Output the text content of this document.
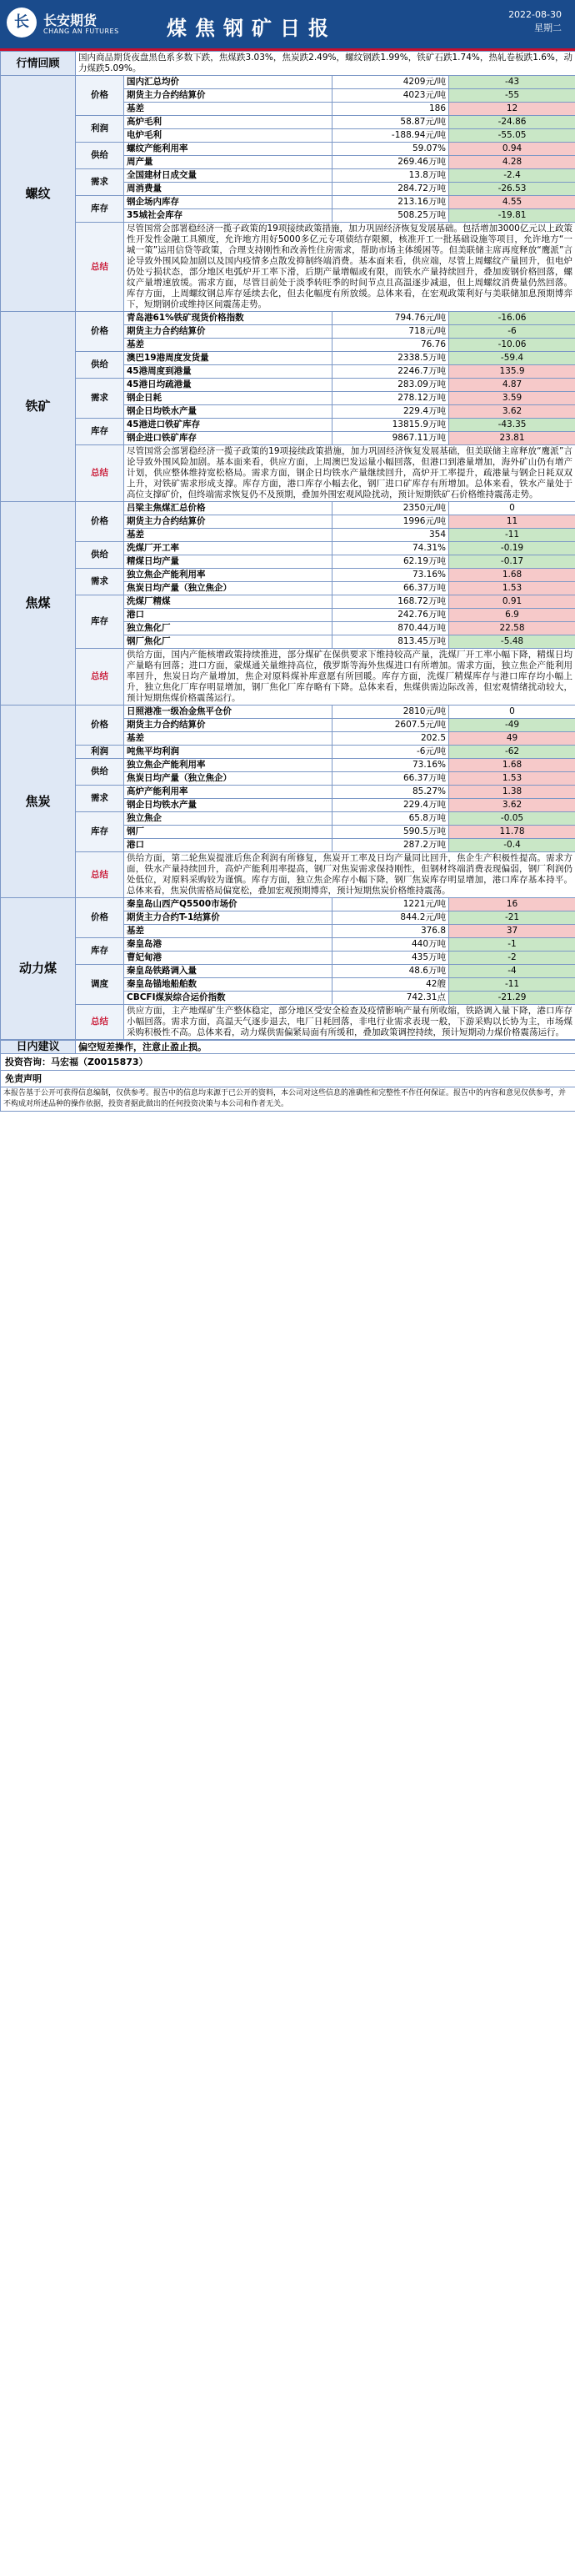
长	长安期货
CHANG AN FUTURES 煤焦钢矿日报
2022-08-30
星期二
行情回顾	国内商品期货夜盘黑色系多数下跌，焦煤跌3.03%，焦炭跌2.49%，螺纹钢跌1.99%，铁矿石跌1.74%，热轧卷板跌1.6%，动力煤跌5.09%。			
螺纹	价格	国内汇总均价	4209元/吨	-43
		期货主力合约结算价	4023元/吨	-55
		基差	186	12
	利润	高炉毛利	58.87元/吨	-24.86
		电炉毛利	-188.94元/吨	-55.05
	供给	螺纹产能利用率	59.07%	0.94
		周产量	269.46万吨	4.28
	需求	全国建材日成交量	13.8万吨	-2.4
		周消费量	284.72万吨	-26.53
	库存	钢企场内库存	213.16万吨	4.55
		35城社会库存	508.25万吨	-19.81
	总结	尽管国常会部署稳经济一揽子政策的19项接续政策措施，加力巩固经济恢复发展基础。包括增加3000亿元以上政策性开发性金融工具额度，允许地方用好5000多亿元专项债结存限额，核准开工一批基础设施等项目，允许地方“一城一策”运用信贷等政策，合理支持刚性和改善性住房需求，帮助市场主体缓困等。但美联储主席再度释放“鹰派”言论导致外围风险加剧以及国内疫情多点散发抑制终端消费。基本面来看，供应端，尽管上周螺纹产量回升，但电炉仍处亏损状态，部分地区电弧炉开工率下滑，后期产量增幅或有限，而铁水产量持续回升，叠加废钢价格回落，螺纹产量增速放缓。需求方面，尽管目前处于淡季转旺季的时间节点且高温逐步减退，但上周螺纹消费量仍然回落。库存方面，上周螺纹钢总库存延续去化，但去化幅度有所放缓。总体来看，在宏观政策利好与美联储加息预期博弈下，短期钢价或维持区间震荡走势。		
铁矿	价格	青岛港61%铁矿现货价格指数	794.76元/吨	-16.06
		期货主力合约结算价	718元/吨	-6
		基差	76.76	-10.06
	供给	澳巴19港周度发货量	2338.5万吨	-59.4
		45港周度到港量	2246.7万吨	135.9
	需求	45港日均疏港量	283.09万吨	4.87
		钢企日耗	278.12万吨	3.59
		钢企日均铁水产量	229.4万吨	3.62
	库存	45港进口铁矿库存	13815.9万吨	-43.35
		钢企进口铁矿库存	9867.11万吨	23.81
	总结	尽管国常会部署稳经济一揽子政策的19项接续政策措施，加力巩固经济恢复发展基础，但美联储主席释放“鹰派”言论导致外围风险加剧。基本面来看，供应方面，上周澳巴发运量小幅回落，但港口到港量增加，海外矿山仍有增产计划，供应整体维持宽松格局。需求方面，钢企日均铁水产量继续回升，高炉开工率提升，疏港量与钢企日耗双双上升，对铁矿需求形成支撑。库存方面，港口库存小幅去化，钢厂进口矿库存有所增加。总体来看，铁水产量处于高位支撑矿价，但终端需求恢复仍不及预期，叠加外围宏观风险扰动，预计短期铁矿石价格维持震荡走势。		
焦煤	价格	吕梁主焦煤汇总价格	2350元/吨	0
		期货主力合约结算价	1996元/吨	11
		基差	354	-11
	供给	洗煤厂开工率	74.31%	-0.19
		精煤日均产量	62.19万吨	-0.17
	需求	独立焦企产能利用率	73.16%	1.68
		焦炭日均产量（独立焦企）	66.37万吨	1.53
	库存	洗煤厂精煤	168.72万吨	0.91
		港口	242.76万吨	6.9
		独立焦化厂	870.44万吨	22.58
		钢厂焦化厂	813.45万吨	-5.48
	总结	供给方面，国内产能核增政策持续推进，部分煤矿在保供要求下维持较高产量，洗煤厂开工率小幅下降，精煤日均产量略有回落；进口方面，蒙煤通关量维持高位，俄罗斯等海外焦煤进口有所增加。需求方面，独立焦企产能利用率回升，焦炭日均产量增加，焦企对原料煤补库意愿有所回暖。库存方面，洗煤厂精煤库存与港口库存均小幅上升，独立焦化厂库存明显增加，钢厂焦化厂库存略有下降。总体来看，焦煤供需边际改善，但宏观情绪扰动较大，预计短期焦煤价格震荡运行。		
焦炭	价格	日照港准一级冶金焦平仓价	2810元/吨	0
		期货主力合约结算价	2607.5元/吨	-49
		基差	202.5	49
	利润	吨焦平均利润	-6元/吨	-62
	供给	独立焦企产能利用率	73.16%	1.68
		焦炭日均产量（独立焦企）	66.37万吨	1.53
	需求	高炉产能利用率	85.27%	1.38
		钢企日均铁水产量	229.4万吨	3.62
	库存	独立焦企	65.8万吨	-0.05
		钢厂	590.5万吨	11.78
		港口	287.2万吨	-0.4
	总结	供给方面，第二轮焦炭提涨后焦企利润有所修复，焦炭开工率及日均产量同比回升，焦企生产积极性提高。需求方面，铁水产量持续回升，高炉产能利用率提高，钢厂对焦炭需求保持刚性，但钢材终端消费表现偏弱，钢厂利润仍处低位，对原料采购较为谨慎。库存方面，独立焦企库存小幅下降，钢厂焦炭库存明显增加，港口库存基本持平。总体来看，焦炭供需格局偏宽松，叠加宏观预期博弈，预计短期焦炭价格维持震荡。		
动力煤	价格	秦皇岛山西产Q5500市场价	1221元/吨	16
		期货主力合约T-1结算价	844.2元/吨	-21
		基差	376.8	37
	库存	秦皇岛港	440万吨	-1
		曹妃甸港	435万吨	-2
	调度	秦皇岛铁路调入量	48.6万吨	-4
		秦皇岛锚地船舶数	42艘	-11
		CBCFI煤炭综合运价指数	742.31点	-21.29
	总结	供应方面，主产地煤矿生产整体稳定，部分地区受安全检查及疫情影响产量有所收缩，铁路调入量下降，港口库存小幅回落。需求方面，高温天气逐步退去，电厂日耗回落，非电行业需求表现一般，下游采购以长协为主，市场煤采购积极性不高。总体来看，动力煤供需偏紧局面有所缓和，叠加政策调控持续，预计短期动力煤价格震荡运行。		
日内建议	偏空短差操作，注意止盈止损。
投资咨询：马宏福（Z0015873）
免责声明
本报告基于公开可获得信息编制，仅供参考。报告中的信息均来源于已公开的资料，本公司对这些信息的准确性和完整性不作任何保证。报告中的内容和意见仅供参考，并不构成对所述品种的操作依据，投资者据此做出的任何投资决策与本公司和作者无关。
